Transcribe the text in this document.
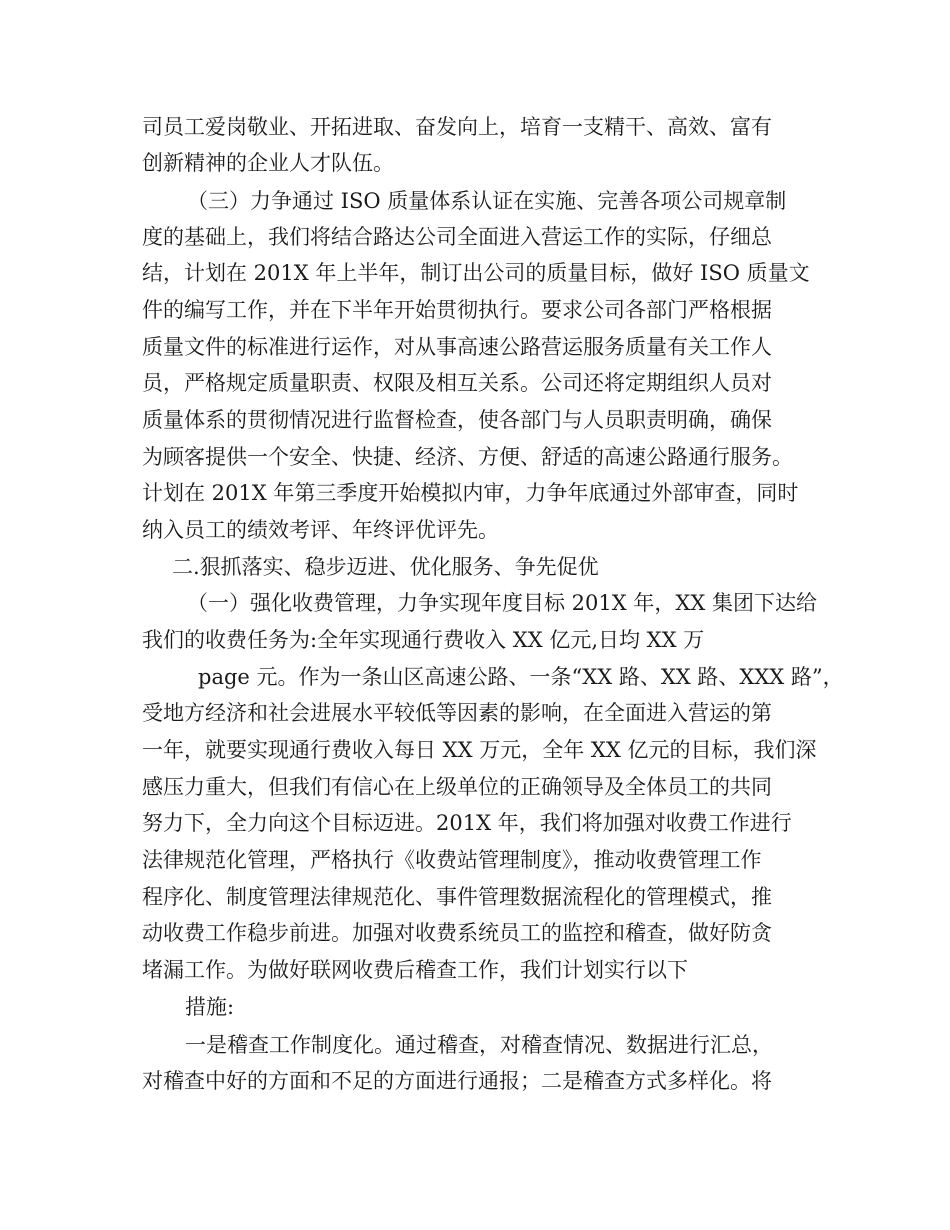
司员工爱岗敬业、开拓进取、奋发向上，培育一支精干、高效、富有
创新精神的企业人才队伍。
（三）力争通过 ISO 质量体系认证在实施、完善各项公司规章制
度的基础上，我们将结合路达公司全面进入营运工作的实际，仔细总
结，计划在 201X 年上半年，制订出公司的质量目标，做好 ISO 质量文
件的编写工作，并在下半年开始贯彻执行。要求公司各部门严格根据
质量文件的标准进行运作，对从事高速公路营运服务质量有关工作人
员，严格规定质量职责、权限及相互关系。公司还将定期组织人员对
质量体系的贯彻情况进行监督检查，使各部门与人员职责明确，确保
为顾客提供一个安全、快捷、经济、方便、舒适的高速公路通行服务。
计划在 201X 年第三季度开始模拟内审，力争年底通过外部审查，同时
纳入员工的绩效考评、年终评优评先。
二.狠抓落实、稳步迈进、优化服务、争先促优
（一）强化收费管理，力争实现年度目标 201X 年，XX 集团下达给
我们的收费任务为:全年实现通行费收入 XX 亿元,日均 XX 万
page 元。作为一条山区高速公路、一条“XX 路、XX 路、XXX 路”，
受地方经济和社会进展水平较低等因素的影响，在全面进入营运的第
一年，就要实现通行费收入每日 XX 万元，全年 XX 亿元的目标，我们深
感压力重大，但我们有信心在上级单位的正确领导及全体员工的共同
努力下，全力向这个目标迈进。201X 年，我们将加强对收费工作进行
法律规范化管理，严格执行《收费站管理制度》，推动收费管理工作
程序化、制度管理法律规范化、事件管理数据流程化的管理模式，推
动收费工作稳步前进。加强对收费系统员工的监控和稽查，做好防贪
堵漏工作。为做好联网收费后稽查工作，我们计划实行以下
措施:
一是稽查工作制度化。通过稽查，对稽查情况、数据进行汇总，
对稽查中好的方面和不足的方面进行通报；二是稽查方式多样化。将
